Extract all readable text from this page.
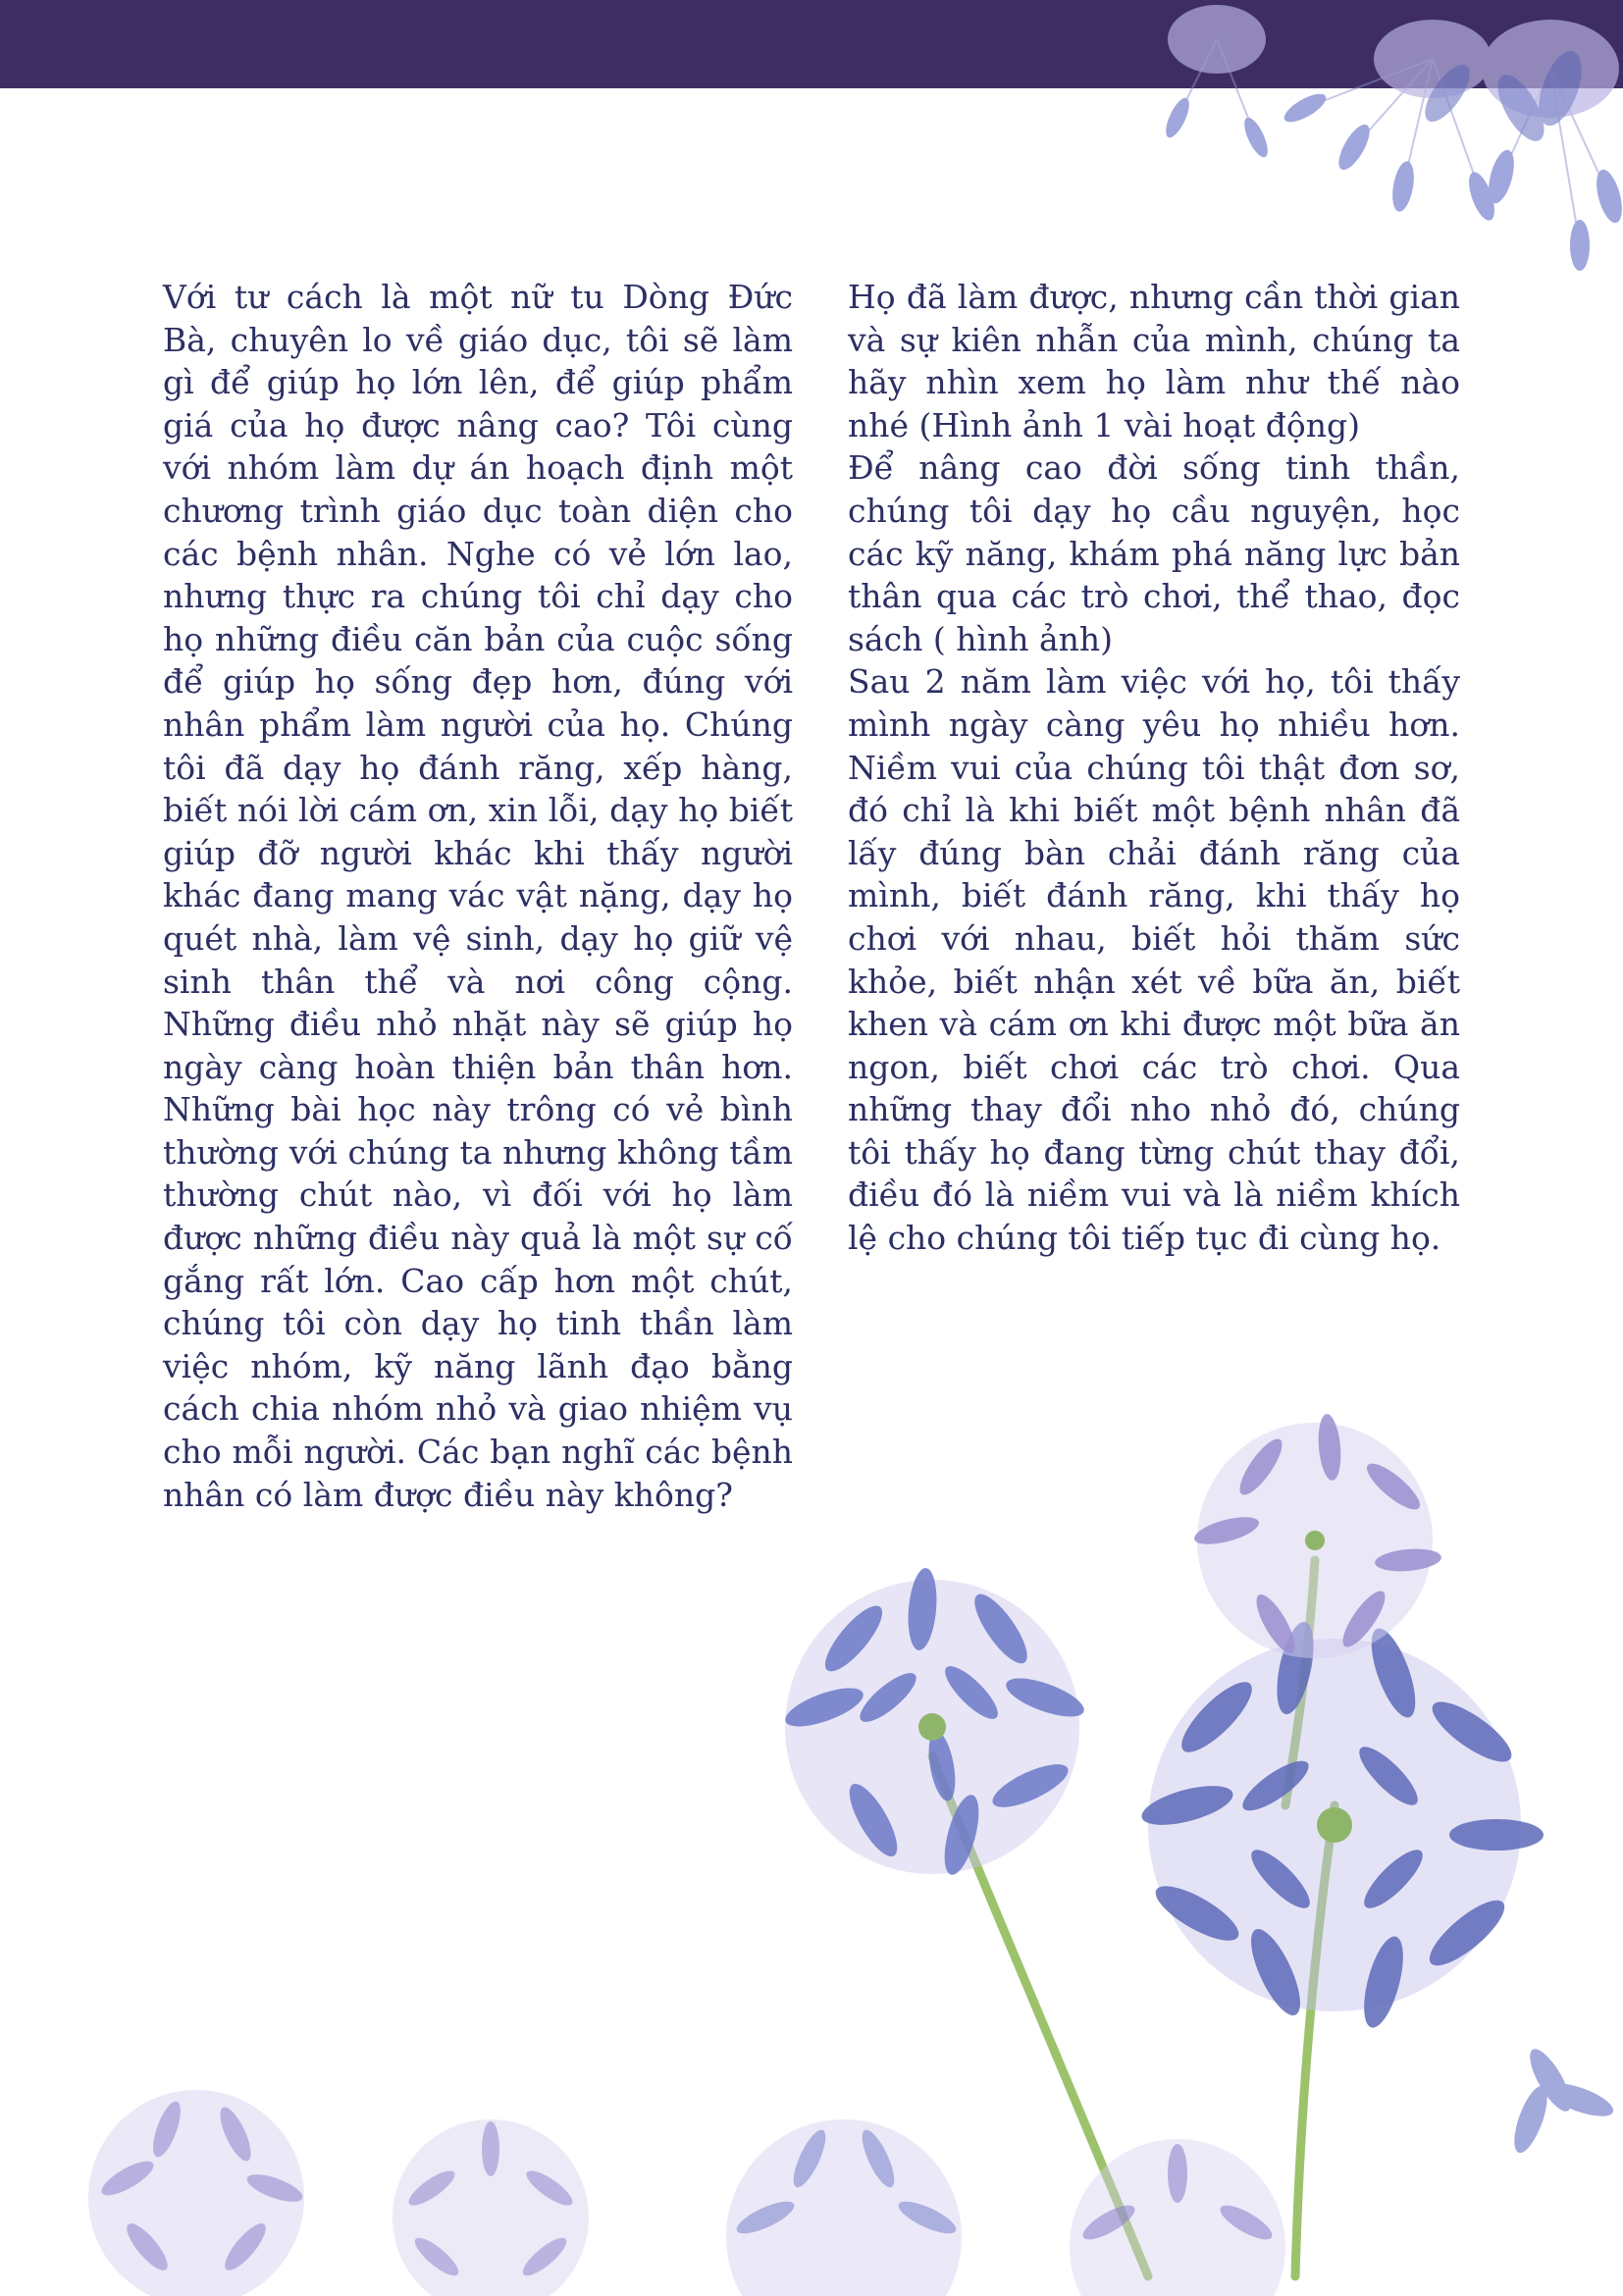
Với tư cách là một nữ tu Dòng Đức Bà, chuyên lo về giáo dục, tôi sẽ làm gì để giúp họ lớn lên, để giúp phẩm giá của họ được nâng cao? Tôi cùng với nhóm làm dự án hoạch định một chương trình giáo dục toàn diện cho các bệnh nhân. Nghe có vẻ lớn lao, nhưng thực ra chúng tôi chỉ dạy cho họ những điều căn bản của cuộc sống để giúp họ sống đẹp hơn, đúng với nhân phẩm làm người của họ. Chúng tôi đã dạy họ đánh răng, xếp hàng, biết nói lời cám ơn, xin lỗi, dạy họ biết giúp đỡ người khác khi thấy người khác đang mang vác vật nặng, dạy họ quét nhà, làm vệ sinh, dạy họ giữ vệ sinh thân thể và nơi công cộng. Những điều nhỏ nhặt này sẽ giúp họ ngày càng hoàn thiện bản thân hơn. Những bài học này trông có vẻ bình thường với chúng ta nhưng không tầm thường chút nào, vì đối với họ làm được những điều này quả là một sự cố gắng rất lớn. Cao cấp hơn một chút, chúng tôi còn dạy họ tinh thần làm việc nhóm, kỹ năng lãnh đạo bằng cách chia nhóm nhỏ và giao nhiệm vụ cho mỗi người. Các bạn nghĩ các bệnh nhân có làm được điều này không?

Họ đã làm được, nhưng cần thời gian và sự kiên nhẫn của mình, chúng ta hãy nhìn xem họ làm như thế nào nhé (Hình ảnh 1 vài hoạt động)

Để nâng cao đời sống tinh thần, chúng tôi dạy họ cầu nguyện, học các kỹ năng, khám phá năng lực bản thân qua các trò chơi, thể thao, đọc sách ( hình ảnh)

Sau 2 năm làm việc với họ, tôi thấy mình ngày càng yêu họ nhiều hơn. Niềm vui của chúng tôi thật đơn sơ, đó chỉ là khi biết một bệnh nhân đã lấy đúng bàn chải đánh răng của mình, biết đánh răng, khi thấy họ chơi với nhau, biết hỏi thăm sức khỏe, biết nhận xét về bữa ăn, biết khen và cám ơn khi được một bữa ăn ngon, biết chơi các trò chơi. Qua những thay đổi nho nhỏ đó, chúng tôi thấy họ đang từng chút thay đổi, điều đó là niềm vui và là niềm khích lệ cho chúng tôi tiếp tục đi cùng họ.
